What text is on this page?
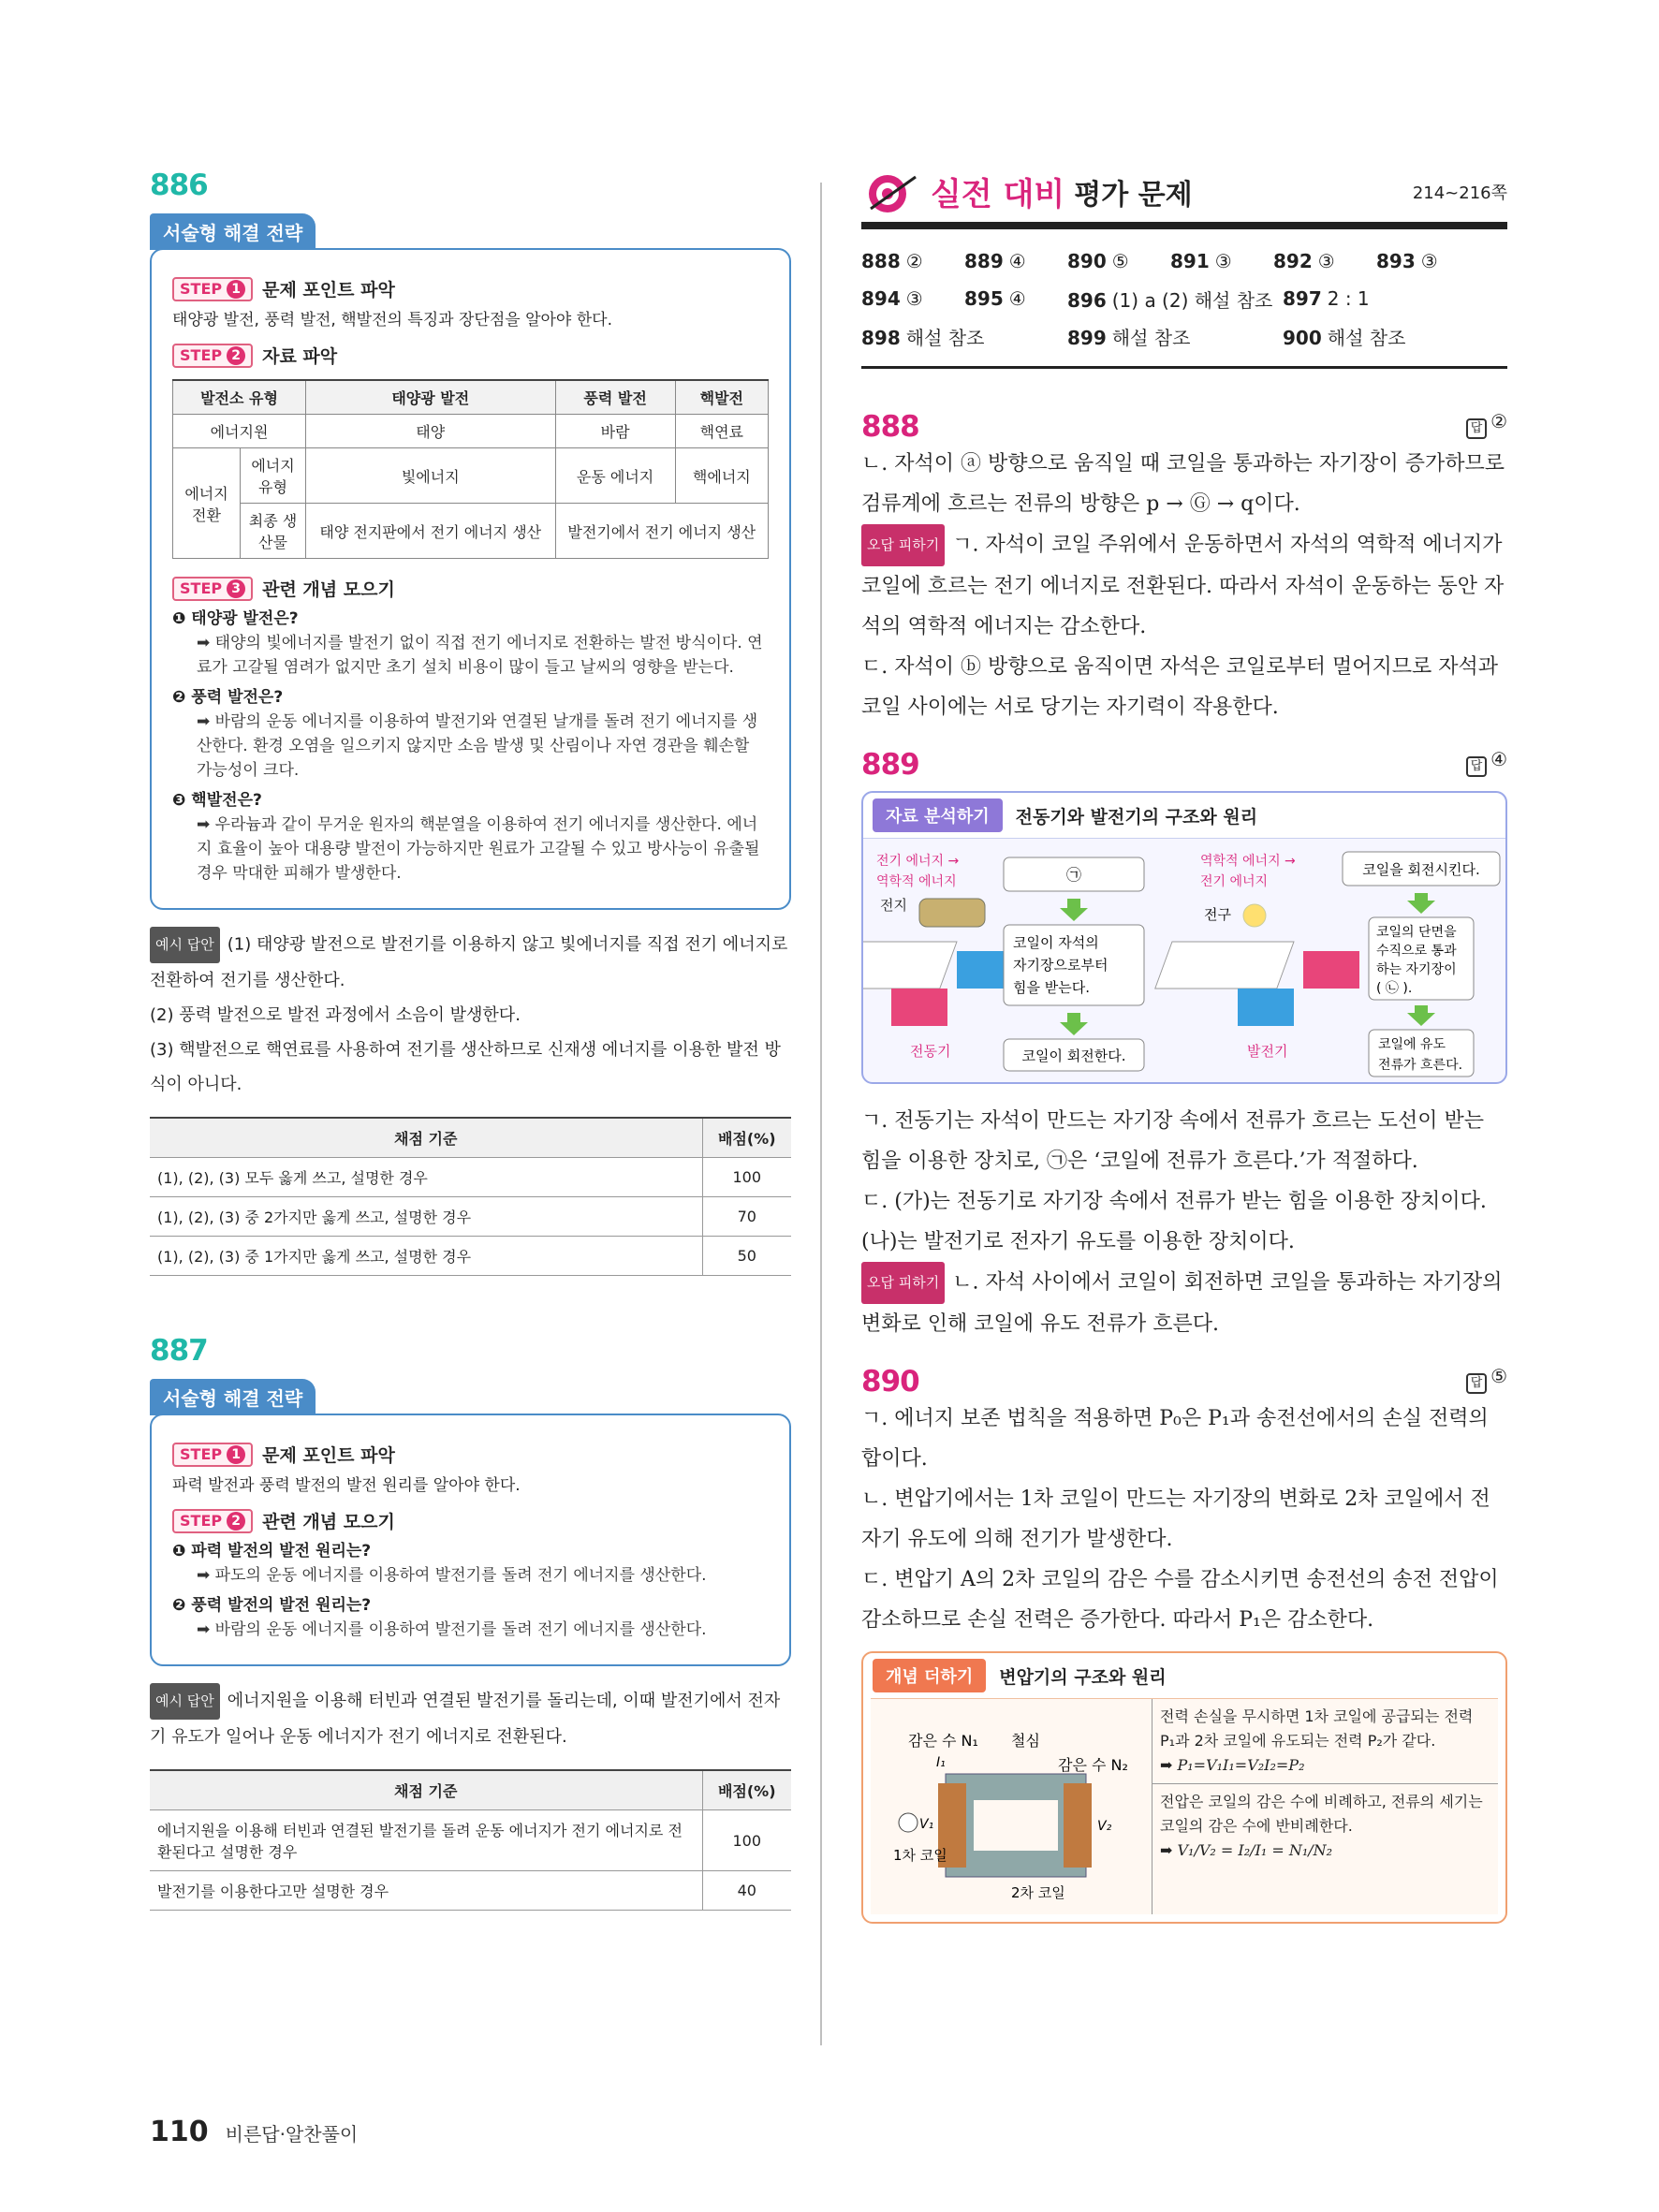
886
서술형 해결 전략
STEP 1 문제 포인트 파악
태양광 발전, 풍력 발전, 핵발전의 특징과 장단점을 알아야 한다.
STEP 2 자료 파악
발전소 유형		태양광 발전	풍력 발전	핵발전
에너지원		태양	바람	핵연료
에너지 전환	에너지 유형	빛에너지	운동 에너지	핵에너지
	최종 생산물	태양 전지판에서 전기 에너지 생산	발전기에서 전기 에너지 생산	
STEP 3 관련 개념 모으기
❶ 태양광 발전은?
➡ 태양의 빛에너지를 발전기 없이 직접 전기 에너지로 전환하는 발전 방식이다. 연료가 고갈될 염려가 없지만 초기 설치 비용이 많이 들고 날씨의 영향을 받는다.
❷ 풍력 발전은?
➡ 바람의 운동 에너지를 이용하여 발전기와 연결된 날개를 돌려 전기 에너지를 생산한다. 환경 오염을 일으키지 않지만 소음 발생 및 산림이나 자연 경관을 훼손할 가능성이 크다.
❸ 핵발전은?
➡ 우라늄과 같이 무거운 원자의 핵분열을 이용하여 전기 에너지를 생산한다. 에너지 효율이 높아 대용량 발전이 가능하지만 원료가 고갈될 수 있고 방사능이 유출될 경우 막대한 피해가 발생한다.
예시 답안 (1) 태양광 발전으로 발전기를 이용하지 않고 빛에너지를 직접 전기 에너지로 전환하여 전기를 생산한다.
(2) 풍력 발전으로 발전 과정에서 소음이 발생한다.
(3) 핵발전으로 핵연료를 사용하여 전기를 생산하므로 신재생 에너지를 이용한 발전 방식이 아니다.
채점 기준	배점(%)
(1), (2), (3) 모두 옳게 쓰고, 설명한 경우	100
(1), (2), (3) 중 2가지만 옳게 쓰고, 설명한 경우	70
(1), (2), (3) 중 1가지만 옳게 쓰고, 설명한 경우	50
887
서술형 해결 전략
STEP 1 문제 포인트 파악
파력 발전과 풍력 발전의 발전 원리를 알아야 한다.
STEP 2 관련 개념 모으기
❶ 파력 발전의 발전 원리는?
➡ 파도의 운동 에너지를 이용하여 발전기를 돌려 전기 에너지를 생산한다.
❷ 풍력 발전의 발전 원리는?
➡ 바람의 운동 에너지를 이용하여 발전기를 돌려 전기 에너지를 생산한다.
예시 답안 에너지원을 이용해 터빈과 연결된 발전기를 돌리는데, 이때 발전기에서 전자기 유도가 일어나 운동 에너지가 전기 에너지로 전환된다.
채점 기준	배점(%)
에너지원을 이용해 터빈과 연결된 발전기를 돌려 운동 에너지가 전기 에너지로 전환된다고 설명한 경우	100
발전기를 이용한다고만 설명한 경우	40
실전 대비 평가 문제	214~216쪽
888 ②	889 ④	890 ⑤	891 ③	892 ③	893 ③
894 ③	895 ④	896 (1) a (2) 해설 참조 897 2 : 1
898 해설 참조	899 해설 참조	900 해설 참조
888	답 ②
ㄴ. 자석이 ⓐ 방향으로 움직일 때 코일을 통과하는 자기장이 증가하므로 검류계에 흐르는 전류의 방향은 p → Ⓖ → q이다.
오답 피하기 ㄱ. 자석이 코일 주위에서 운동하면서 자석의 역학적 에너지가 코일에 흐르는 전기 에너지로 전환된다. 따라서 자석이 운동하는 동안 자석의 역학적 에너지는 감소한다.
ㄷ. 자석이 ⓑ 방향으로 움직이면 자석은 코일로부터 멀어지므로 자석과 코일 사이에는 서로 당기는 자기력이 작용한다.
889	답 ④
자료 분석하기	전동기와 발전기의 구조와 원리
전기 에너지 →
역학적 에너지
전지
전동기
㉠
코일이 자석의
자기장으로부터
힘을 받는다.
코일이 회전한다.
역학적 에너지 →
전기 에너지
전구
발전기
코일을 회전시킨다.
코일의 단면을
수직으로 통과
하는 자기장이
( ㉡ ).
코일에 유도
전류가 흐른다.
ㄱ. 전동기는 자석이 만드는 자기장 속에서 전류가 흐르는 도선이 받는 힘을 이용한 장치로, ㉠은 ‘코일에 전류가 흐른다.’가 적절하다.
ㄷ. (가)는 전동기로 자기장 속에서 전류가 받는 힘을 이용한 장치이다. (나)는 발전기로 전자기 유도를 이용한 장치이다.
오답 피하기 ㄴ. 자석 사이에서 코일이 회전하면 코일을 통과하는 자기장의 변화로 인해 코일에 유도 전류가 흐른다.
890	답 ⑤
ㄱ. 에너지 보존 법칙을 적용하면 P₀은 P₁과 송전선에서의 손실 전력의 합이다.
ㄴ. 변압기에서는 1차 코일이 만드는 자기장의 변화로 2차 코일에서 전자기 유도에 의해 전기가 발생한다.
ㄷ. 변압기 A의 2차 코일의 감은 수를 감소시키면 송전선의 송전 전압이 감소하므로 손실 전력은 증가한다. 따라서 P₁은 감소한다.
개념 더하기	변압기의 구조와 원리
감은 수 N₁ 철심
감은 수 N₂
I₁
V₁	V₂
1차 코일
2차 코일
전력 손실을 무시하면 1차 코일에 공급되는 전력 P₁과 2차 코일에 유도되는 전력 P₂가 같다.
➡ P₁=V₁I₁=V₂I₂=P₂
전압은 코일의 감은 수에 비례하고, 전류의 세기는 코일의 감은 수에 반비례한다.
➡ V₁/V₂ = I₂/I₁ = N₁/N₂
110 비른답·알찬풀이
